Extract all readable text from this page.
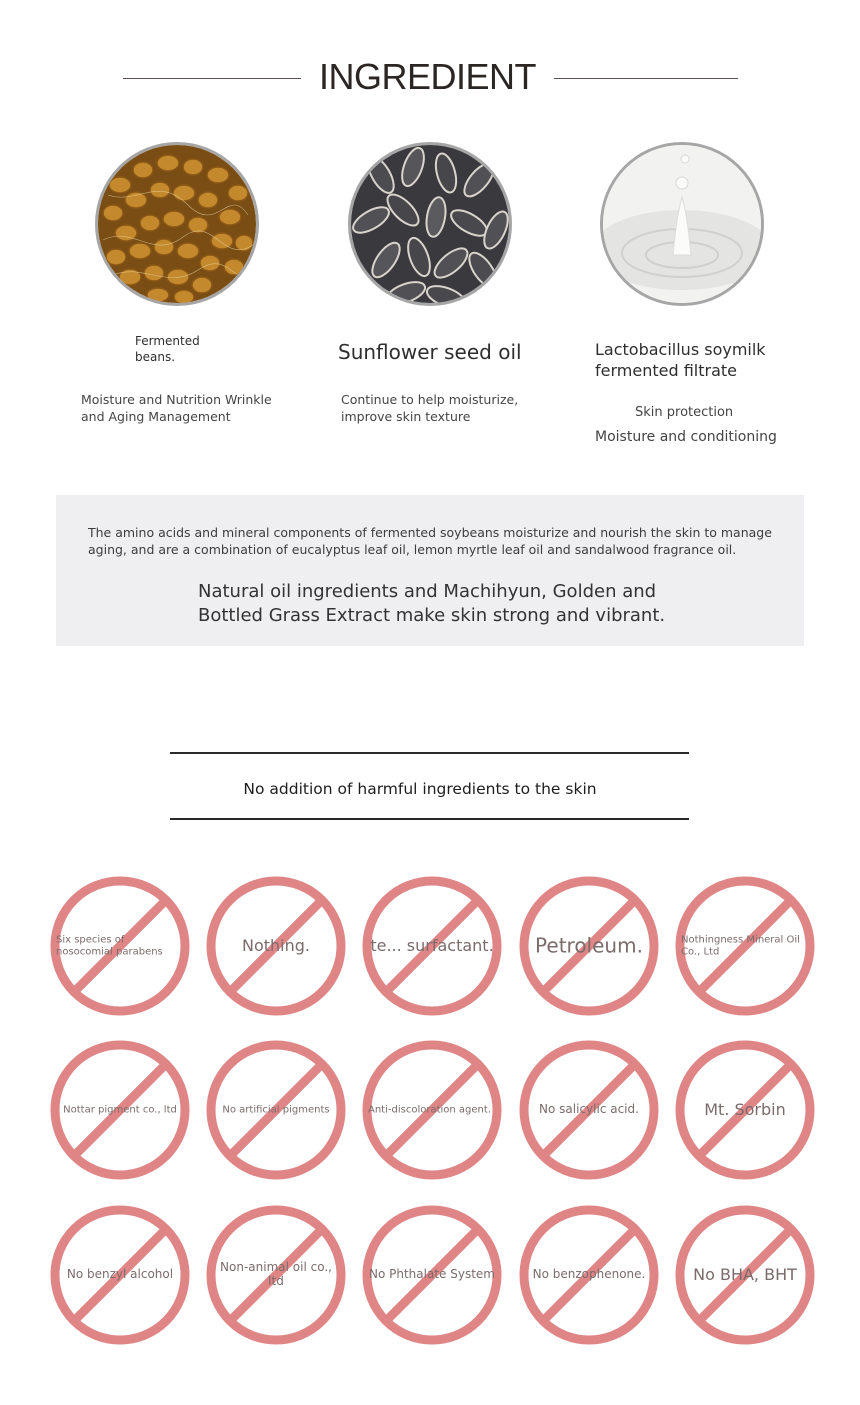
INGREDIENT
Fermented beans.
Moisture and Nutrition Wrinkle and Aging Management
Sunflower seed oil
Continue to help moisturize, improve skin texture
Lactobacillus soymilk fermented filtrate
Skin protection
Moisture and conditioning
The amino acids and mineral components of fermented soybeans moisturize and nourish the skin to manage aging, and are a combination of eucalyptus leaf oil, lemon myrtle leaf oil and sandalwood fragrance oil.
Natural oil ingredients and Machihyun, Golden and Bottled Grass Extract make skin strong and vibrant.
No addition of harmful ingredients to the skin
Six species of nosocomial parabens	Nothing.	te... surfactant.	Petroleum.	Nothingness Mineral Oil Co., Ltd
Nottar pigment co., ltd	No artificial pigments	Anti-discoloration agent.	No salicylic acid.	Mt. Sorbin
No benzyl alcohol	Non-animal oil co., ltd	No Phthalate System	No benzophenone.	No BHA, BHT
